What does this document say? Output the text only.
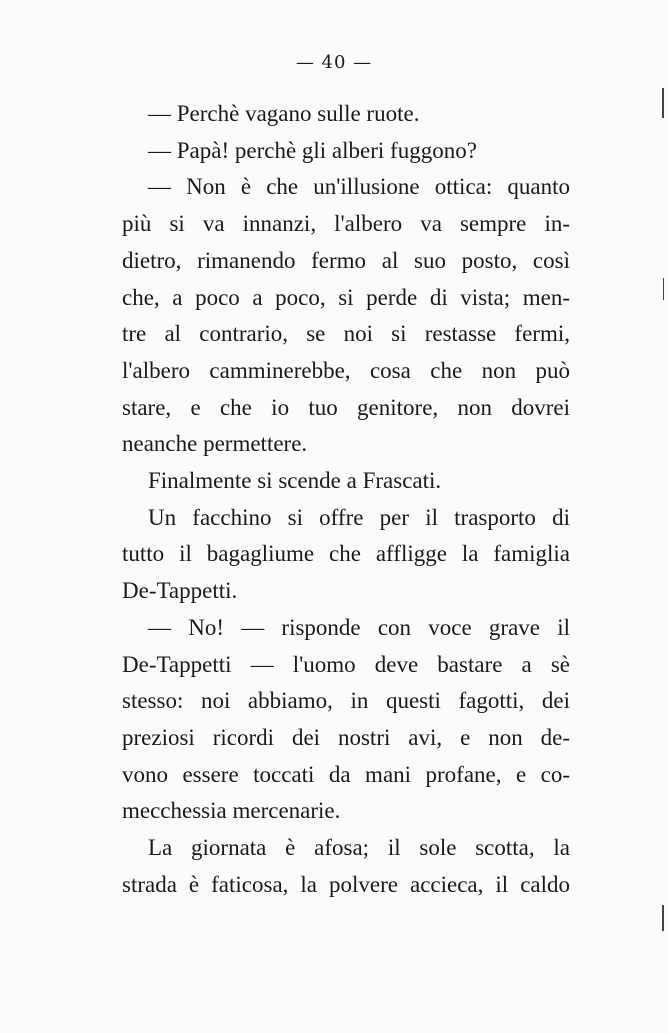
— 40 —

— Perchè vagano sulle ruote.

— Papà! perchè gli alberi fuggono?

— Non è che un'illusione ottica: quanto

più si va innanzi, l'albero va sempre in-

dietro, rimanendo fermo al suo posto, così

che, a poco a poco, si perde di vista; men-

tre al contrario, se noi si restasse fermi,

l'albero camminerebbe, cosa che non può

stare, e che io tuo genitore, non dovrei

neanche permettere.

Finalmente si scende a Frascati.

Un facchino si offre per il trasporto di

tutto il bagagliume che affligge la famiglia

De-Tappetti.

— No! — risponde con voce grave il

De-Tappetti — l'uomo deve bastare a sè

stesso: noi abbiamo, in questi fagotti, dei

preziosi ricordi dei nostri avi, e non de-

vono essere toccati da mani profane, e co-

mecchessia mercenarie.

La giornata è afosa; il sole scotta, la

strada è faticosa, la polvere accieca, il caldo
